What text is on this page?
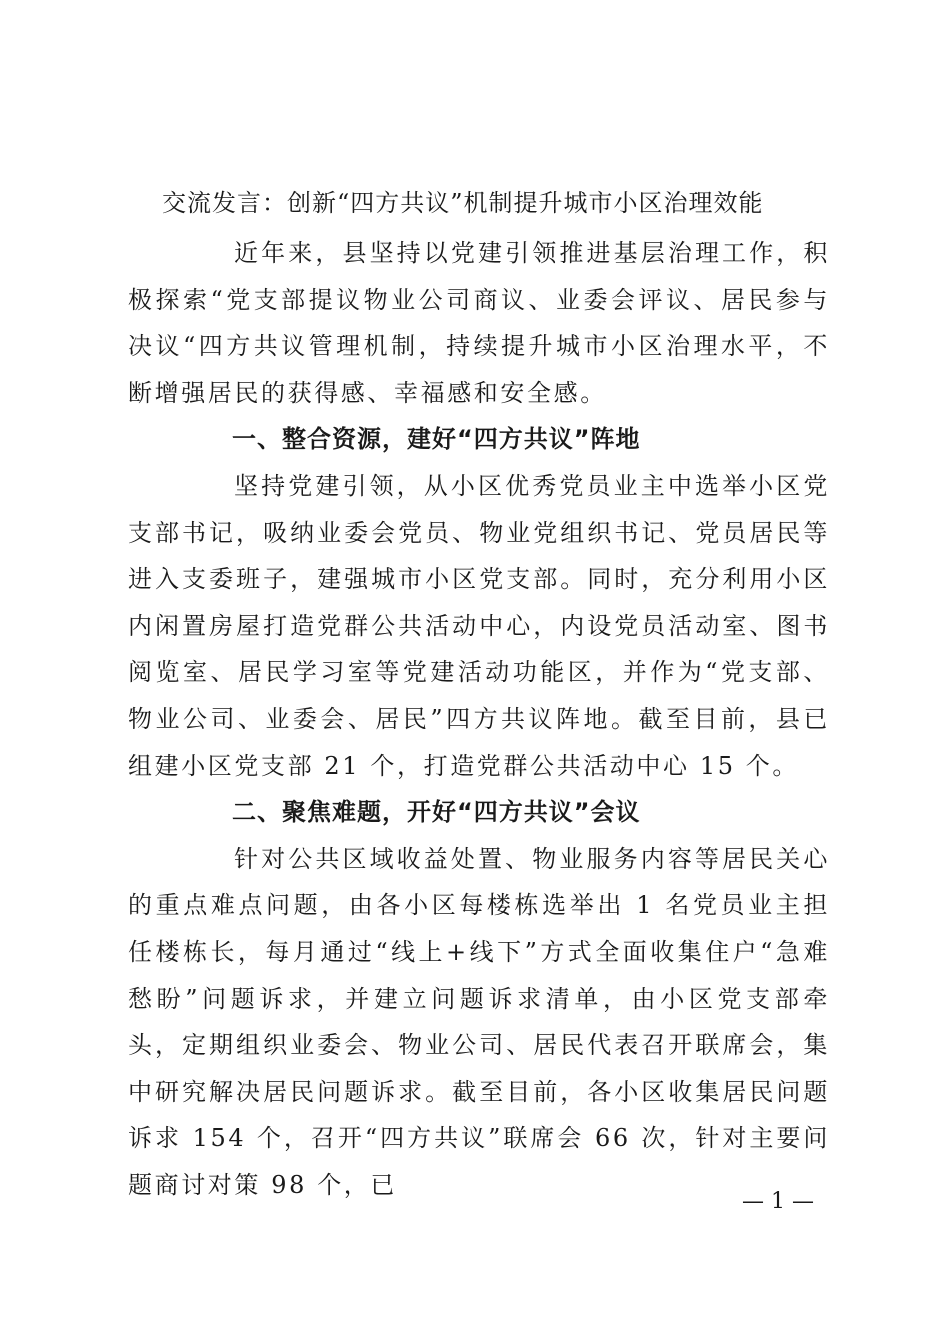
交流发言：创新“四方共议”机制提升城市小区治理效能

近年来，县坚持以党建引领推进基层治理工作，积极探索“党支部提议物业公司商议、业委会评议、居民参与决议“四方共议管理机制，持续提升城市小区治理水平，不断增强居民的获得感、幸福感和安全感。

一、整合资源，建好“四方共议”阵地

坚持党建引领，从小区优秀党员业主中选举小区党支部书记，吸纳业委会党员、物业党组织书记、党员居民等进入支委班子，建强城市小区党支部。同时，充分利用小区内闲置房屋打造党群公共活动中心，内设党员活动室、图书阅览室、居民学习室等党建活动功能区，并作为“党支部、物业公司、业委会、居民”四方共议阵地。截至目前，县已组建小区党支部 21 个，打造党群公共活动中心 15 个。

二、聚焦难题，开好“四方共议”会议

针对公共区域收益处置、物业服务内容等居民关心的重点难点问题，由各小区每楼栋选举出 1 名党员业主担任楼栋长，每月通过“线上+线下”方式全面收集住户“急难愁盼”问题诉求，并建立问题诉求清单，由小区党支部牵头，定期组织业委会、物业公司、居民代表召开联席会，集中研究解决居民问题诉求。截至目前，各小区收集居民问题诉求 154 个，召开“四方共议”联席会 66 次，针对主要问题商讨对策 98 个，已

— 1 —
